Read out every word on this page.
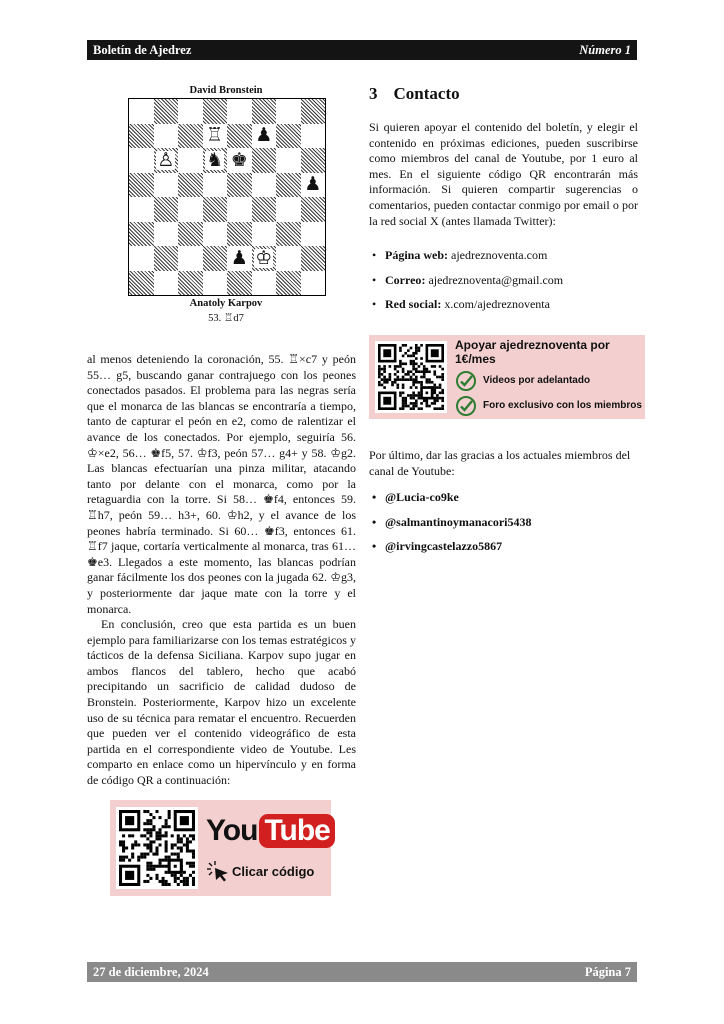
Boletín de Ajedrez	Número 1
David Bronstein
♖ ♟
♙ ♞ ♚
♟
♟ ♔
Anatoly Karpov
53. ♖d7

al menos deteniendo la coronación, 55. ♖×c7 y peón 55… g5, buscando ganar contrajuego con los peones conectados pasados. El problema para las negras sería que el monarca de las blancas se encontraría a tiempo, tanto de capturar el peón en e2, como de ralentizar el avance de los conectados. Por ejemplo, seguiría 56. ♔×e2, 56… ♚f5, 57. ♔f3, peón 57… g4+ y 58. ♔g2. Las blancas efectuarían una pinza militar, atacando tanto por delante con el monarca, como por la retaguardia con la torre. Si 58… ♚f4, entonces 59. ♖h7, peón 59… h3+, 60. ♔h2, y el avance de los peones habría terminado. Si 60… ♚f3, entonces 61. ♖f7 jaque, cortaría verticalmente al monarca, tras 61… ♚e3. Llegados a este momento, las blancas podrían ganar fácilmente los dos peones con la jugada 62. ♔g3, y posteriormente dar jaque mate con la torre y el monarca.

En conclusión, creo que esta partida es un buen ejemplo para familiarizarse con los temas estratégicos y tácticos de la defensa Siciliana. Karpov supo jugar en ambos flancos del tablero, hecho que acabó precipitando un sacrificio de calidad dudoso de Bronstein. Posteriormente, Karpov hizo un excelente uso de su técnica para rematar el encuentro. Recuerden que pueden ver el contenido videográfico de esta partida en el correspondiente video de Youtube. Les comparto en enlace como un hipervínculo y en forma de código QR a continuación:

You Tube
Clicar código
3 Contacto
Si quieren apoyar el contenido del boletín, y elegir el contenido en próximas ediciones, pueden suscribirse como miembros del canal de Youtube, por 1 euro al mes. En el siguiente código QR encontrarán más información. Si quieren compartir sugerencias o comentarios, pueden contactar conmigo por email o por la red social X (antes llamada Twitter):
• Página web: ajedreznoventa.com
• Correo: ajedreznoventa@gmail.com
• Red social: x.com/ajedreznoventa
Apoyar ajedreznoventa por 1€/mes
Videos por adelantado
Foro exclusivo con los miembros
Por último, dar las gracias a los actuales miembros del canal de Youtube:
• @Lucia-co9ke
• @salmantinoymanacori5438
• @irvingcastelazzo5867
27 de diciembre, 2024	Página 7
